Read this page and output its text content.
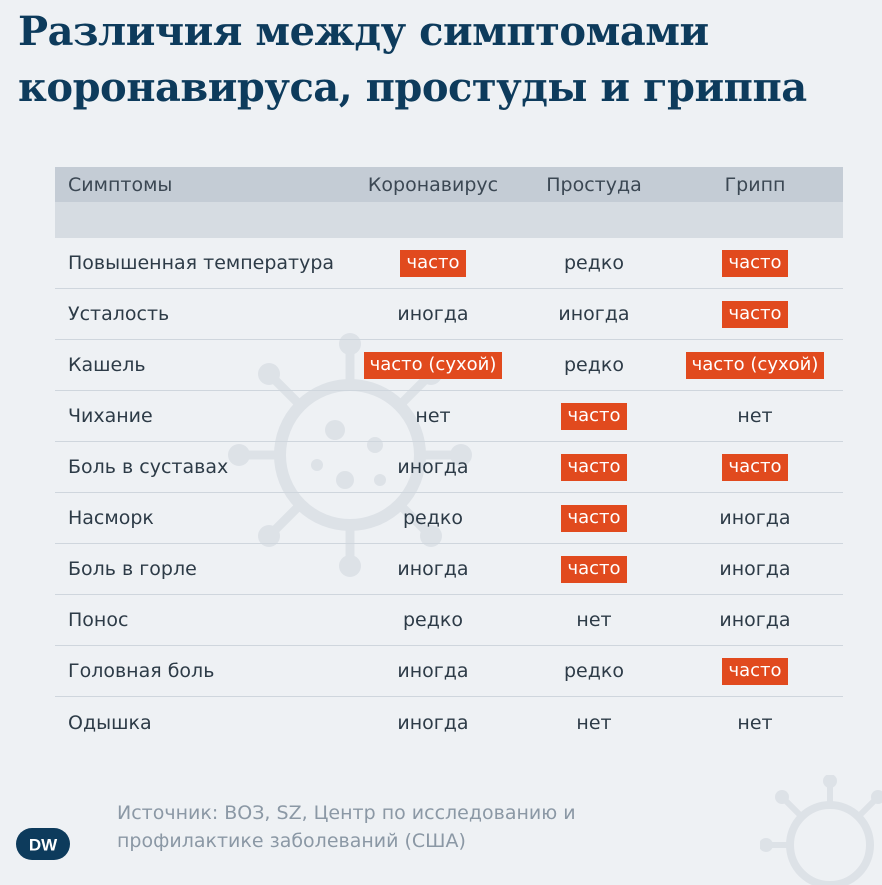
Различия между симптомами
коронавируса, простуды и гриппа
Симптомы	Коронавирус	Простуда	Грипп
Повышенная температура	часто	редко	часто
Усталость	иногда	иногда	часто
Кашель	часто (сухой)	редко	часто (сухой)
Чихание	нет	часто	нет
Боль в суставах	иногда	часто	часто
Насморк	редко	часто	иногда
Боль в горле	иногда	часто	иногда
Понос	редко	нет	иногда
Головная боль	иногда	редко	часто
Одышка	иногда	нет	нет
Источник: ВОЗ, SZ, Центр по исследованию и
профилактике заболеваний (США)
DW
